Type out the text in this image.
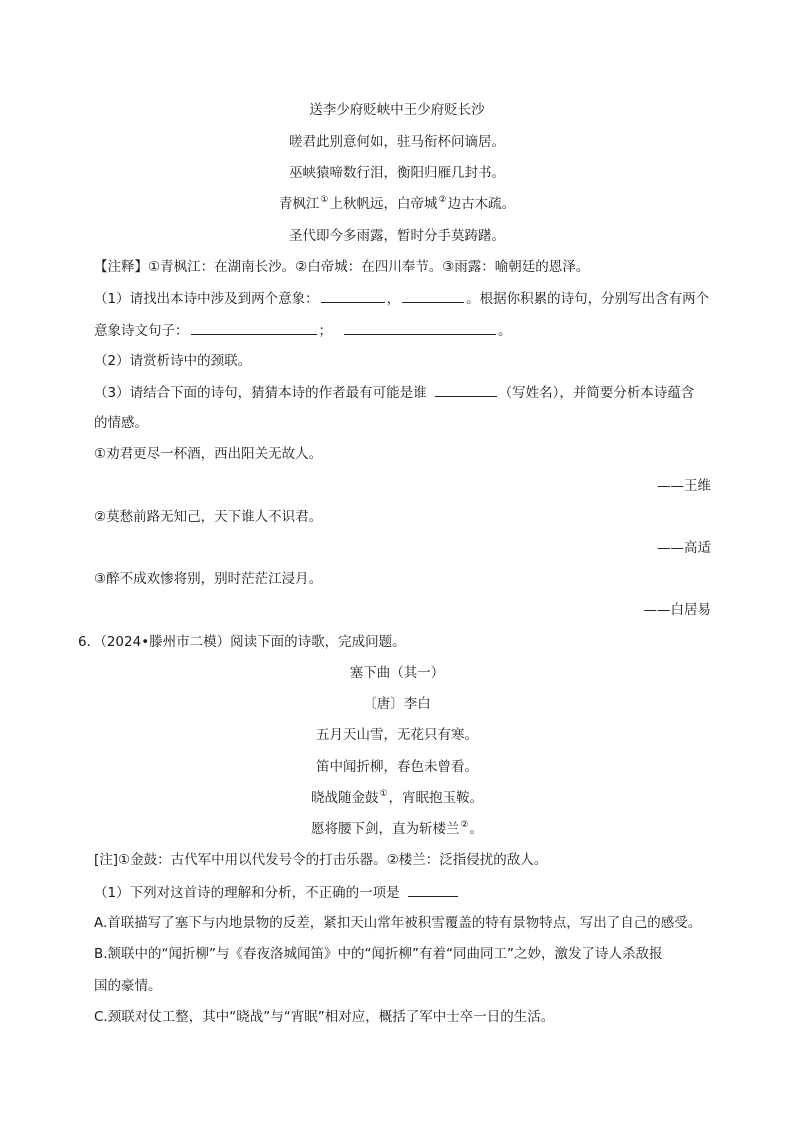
送李少府贬峡中王少府贬长沙
嗟君此别意何如，驻马衔杯问谪居。
巫峡猿啼数行泪，衡阳归雁几封书。
青枫江①上秋帆远，白帝城②边古木疏。
圣代即今多雨露，暂时分手莫踌躇。
【注释】①青枫江：在湖南长沙。②白帝城：在四川奉节。③雨露：喻朝廷的恩泽。
（1）请找出本诗中涉及到两个意象：	，	。根据你积累的诗句，分别写出含有两个
意象诗文句子：	；	。
（2）请赏析诗中的颈联。
（3）请结合下面的诗句，猜猜本诗的作者最有可能是谁	（写姓名），并简要分析本诗蕴含
的情感。
①劝君更尽一杯酒，西出阳关无故人。
——王维
②莫愁前路无知己，天下谁人不识君。
——高适
③醉不成欢惨将别，别时茫茫江浸月。
——白居易
6．（2024•滕州市二模）阅读下面的诗歌，完成问题。
塞下曲（其一）
〔唐〕李白
五月天山雪，无花只有寒。
笛中闻折柳，春色未曾看。
晓战随金鼓①，宵眠抱玉鞍。
愿将腰下剑，直为斩楼兰②。
[注]①金鼓：古代军中用以代发号令的打击乐器。②楼兰：泛指侵扰的敌人。
（1）下列对这首诗的理解和分析，不正确的一项是
A.首联描写了塞下与内地景物的反差，紧扣天山常年被积雪覆盖的特有景物特点，写出了自己的感受。
B.颔联中的“闻折柳”与《春夜洛城闻笛》中的“闻折柳”有着“同曲同工”之妙，激发了诗人杀敌报
国的豪情。
C.颈联对仗工整，其中“晓战”与“宵眠”相对应，概括了军中士卒一日的生活。
